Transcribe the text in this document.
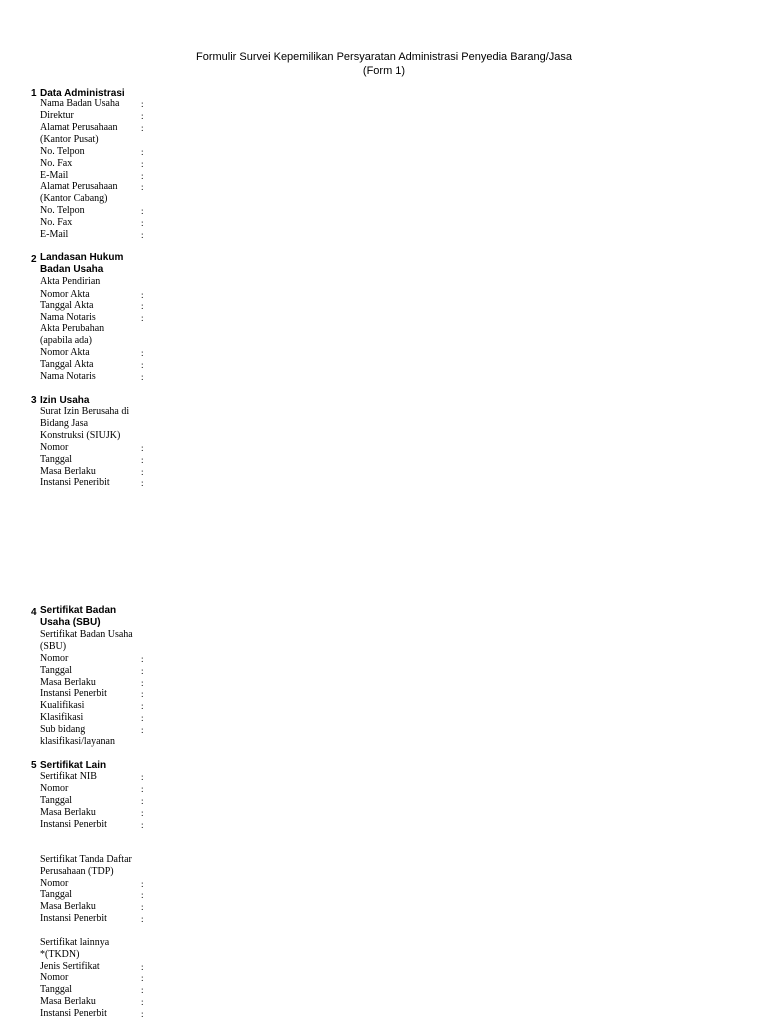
Formulir Survei Kepemilikan Persyaratan Administrasi Penyedia Barang/Jasa
(Form 1)
1 Data Administrasi
Nama Badan Usaha :
Direktur	:
Alamat Perusahaan	:
(Kantor Pusat)
No. Telpon	:
No. Fax	:
E-Mail	:
Alamat Perusahaan	:
(Kantor Cabang)
No. Telpon	:
No. Fax	:
E-Mail	:
2 Landasan Hukum
Badan Usaha
Akta Pendirian
Nomor Akta	:
Tanggal Akta	:
Nama Notaris	:
Akta Perubahan
(apabila ada)
Nomor Akta	:
Tanggal Akta	:
Nama Notaris	:
3 Izin Usaha
Surat Izin Berusaha di
Bidang Jasa
Konstruksi (SIUJK)
Nomor	:
Tanggal	:
Masa Berlaku	:
Instansi Peneribit	:
4 Sertifikat Badan
Usaha (SBU)
Sertifikat Badan Usaha
(SBU)
Nomor	:
Tanggal	:
Masa Berlaku	:
Instansi Penerbit	:
Kualifikasi	:
Klasifikasi	:
Sub bidang	:
klasifikasi/layanan
5 Sertifikat Lain
Sertifikat NIB	:
Nomor	:
Tanggal	:
Masa Berlaku	:
Instansi Penerbit	:
Sertifikat Tanda Daftar
Perusahaan (TDP)
Nomor	:
Tanggal	:
Masa Berlaku	:
Instansi Penerbit	:
Sertifikat lainnya
*(TKDN)
Jenis Sertifikat	:
Nomor	:
Tanggal	:
Masa Berlaku	:
Instansi Penerbit	:
